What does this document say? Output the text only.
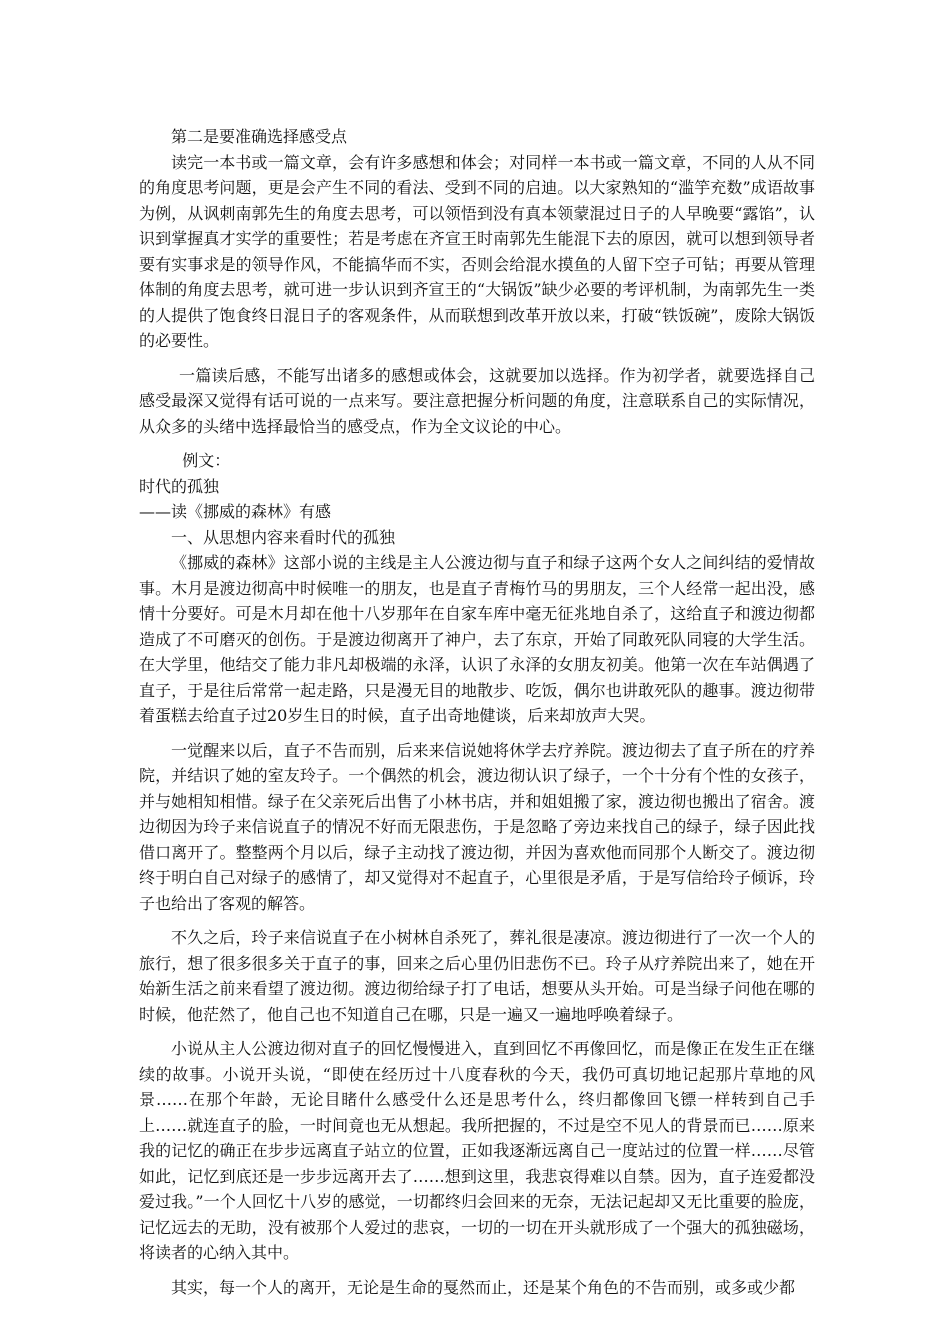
第二是要准确选择感受点

读完一本书或一篇文章，会有许多感想和体会；对同样一本书或一篇文章，不同的人从不同的角度思考问题，更是会产生不同的看法、受到不同的启迪。以大家熟知的“滥竽充数”成语故事为例，从讽刺南郭先生的角度去思考，可以领悟到没有真本领蒙混过日子的人早晚要“露馅”，认识到掌握真才实学的重要性；若是考虑在齐宣王时南郭先生能混下去的原因，就可以想到领导者要有实事求是的领导作风，不能搞华而不实，否则会给混水摸鱼的人留下空子可钻；再要从管理体制的角度去思考，就可进一步认识到齐宣王的“大锅饭”缺少必要的考评机制，为南郭先生一类的人提供了饱食终日混日子的客观条件，从而联想到改革开放以来，打破“铁饭碗”，废除大锅饭的必要性。

一篇读后感，不能写出诸多的感想或体会，这就要加以选择。作为初学者，就要选择自己感受最深又觉得有话可说的一点来写。要注意把握分析问题的角度，注意联系自己的实际情况，从众多的头绪中选择最恰当的感受点，作为全文议论的中心。

例文：

时代的孤独

——读《挪威的森林》有感

一、从思想内容来看时代的孤独

《挪威的森林》这部小说的主线是主人公渡边彻与直子和绿子这两个女人之间纠结的爱情故事。木月是渡边彻高中时候唯一的朋友，也是直子青梅竹马的男朋友，三个人经常一起出没，感情十分要好。可是木月却在他十八岁那年在自家车库中毫无征兆地自杀了，这给直子和渡边彻都造成了不可磨灭的创伤。于是渡边彻离开了神户，去了东京，开始了同敢死队同寝的大学生活。在大学里，他结交了能力非凡却极端的永泽，认识了永泽的女朋友初美。他第一次在车站偶遇了直子，于是往后常常一起走路，只是漫无目的地散步、吃饭，偶尔也讲敢死队的趣事。渡边彻带着蛋糕去给直子过20岁生日的时候，直子出奇地健谈，后来却放声大哭。

一觉醒来以后，直子不告而别，后来来信说她将休学去疗养院。渡边彻去了直子所在的疗养院，并结识了她的室友玲子。一个偶然的机会，渡边彻认识了绿子，一个十分有个性的女孩子，并与她相知相惜。绿子在父亲死后出售了小林书店，并和姐姐搬了家，渡边彻也搬出了宿舍。渡边彻因为玲子来信说直子的情况不好而无限悲伤，于是忽略了旁边来找自己的绿子，绿子因此找借口离开了。整整两个月以后，绿子主动找了渡边彻，并因为喜欢他而同那个人断交了。渡边彻终于明白自己对绿子的感情了，却又觉得对不起直子，心里很是矛盾，于是写信给玲子倾诉，玲子也给出了客观的解答。

不久之后，玲子来信说直子在小树林自杀死了，葬礼很是凄凉。渡边彻进行了一次一个人的旅行，想了很多很多关于直子的事，回来之后心里仍旧悲伤不已。玲子从疗养院出来了，她在开始新生活之前来看望了渡边彻。渡边彻给绿子打了电话，想要从头开始。可是当绿子问他在哪的时候，他茫然了，他自己也不知道自己在哪，只是一遍又一遍地呼唤着绿子。

小说从主人公渡边彻对直子的回忆慢慢进入，直到回忆不再像回忆，而是像正在发生正在继续的故事。小说开头说，“即使在经历过十八度春秋的今天，我仍可真切地记起那片草地的风景……在那个年龄，无论目睹什么感受什么还是思考什么，终归都像回飞镖一样转到自己手上……就连直子的脸，一时间竟也无从想起。我所把握的，不过是空不见人的背景而已……原来我的记忆的确正在步步远离直子站立的位置，正如我逐渐远离自己一度站过的位置一样……尽管如此，记忆到底还是一步步远离开去了……想到这里，我悲哀得难以自禁。因为，直子连爱都没爱过我。”一个人回忆十八岁的感觉，一切都终归会回来的无奈，无法记起却又无比重要的脸庞，记忆远去的无助，没有被那个人爱过的悲哀，一切的一切在开头就形成了一个强大的孤独磁场，将读者的心纳入其中。

其实，每一个人的离开，无论是生命的戛然而止，还是某个角色的不告而别，或多或少都
